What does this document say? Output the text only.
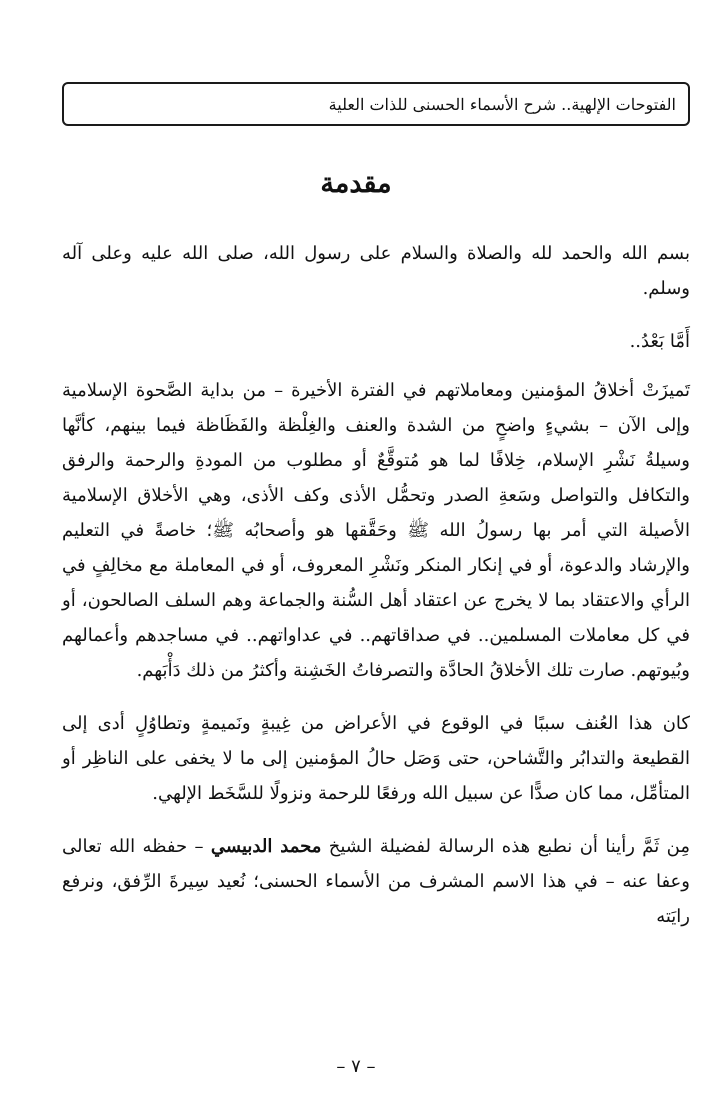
الفتوحات الإلهية.. شرح الأسماء الحسنى للذات العلية
مقدمة

بسم الله والحمد لله والصلاة والسلام على رسول الله، صلى الله عليه وعلى آله وسلم.

أَمَّا بَعْدُ..

تَميزَتْ أخلاقُ المؤمنين ومعاملاتهم في الفترة الأخيرة – من بداية الصَّحوة الإسلامية وإلى الآن – بشيءٍ واضحٍ من الشدة والعنف والغِلْظة والفَظَاظة فيما بينهم، كأنَّها وسيلةُ نَشْرِ الإسلام، خِلافًا لما هو مُتوقَّعٌ أو مطلوب من المودةِ والرحمة والرفق والتكافل والتواصل وسَعةِ الصدر وتحمُّل الأذى وكف الأذى، وهي الأخلاق الإسلامية الأصيلة التي أمر بها رسولُ الله ﷺ وحَقَّقها هو وأصحابُه ﷺ؛ خاصةً في التعليم والإرشاد والدعوة، أو في إنكار المنكر ونَشْرِ المعروف، أو في المعاملة مع مخالِفٍ في الرأي والاعتقاد بما لا يخرج عن اعتقاد أهل السُّنة والجماعة وهم السلف الصالحون، أو في كل معاملات المسلمين.. في صداقاتهم.. في عداواتهم.. في مساجدهم وأعمالهم وبُيوتهم. صارت تلك الأخلاقُ الحادَّة والتصرفاتُ الخَشِنة وأكثرُ من ذلك دَأْبَهم.

كان هذا العُنف سببًا في الوقوع في الأعراض من غِيبةٍ ونَميمةٍ وتطاوُلٍ أدى إلى القطيعة والتدابُر والتَّشاحن، حتى وَصَل حالُ المؤمنين إلى ما لا يخفى على الناظِر أو المتأمِّل، مما كان صدًّا عن سبيل الله ورفعًا للرحمة ونزولًا للسَّخَط الإلهي.

مِن ثَمَّ رأينا أن نطبع هذه الرسالة لفضيلة الشيخ محمد الدبيسي – حفظه الله تعالى وعفا عنه – في هذا الاسم المشرف من الأسماء الحسنى؛ نُعيد سِيرةَ الرِّفق، ونرفع رايَته

– ٧ –
